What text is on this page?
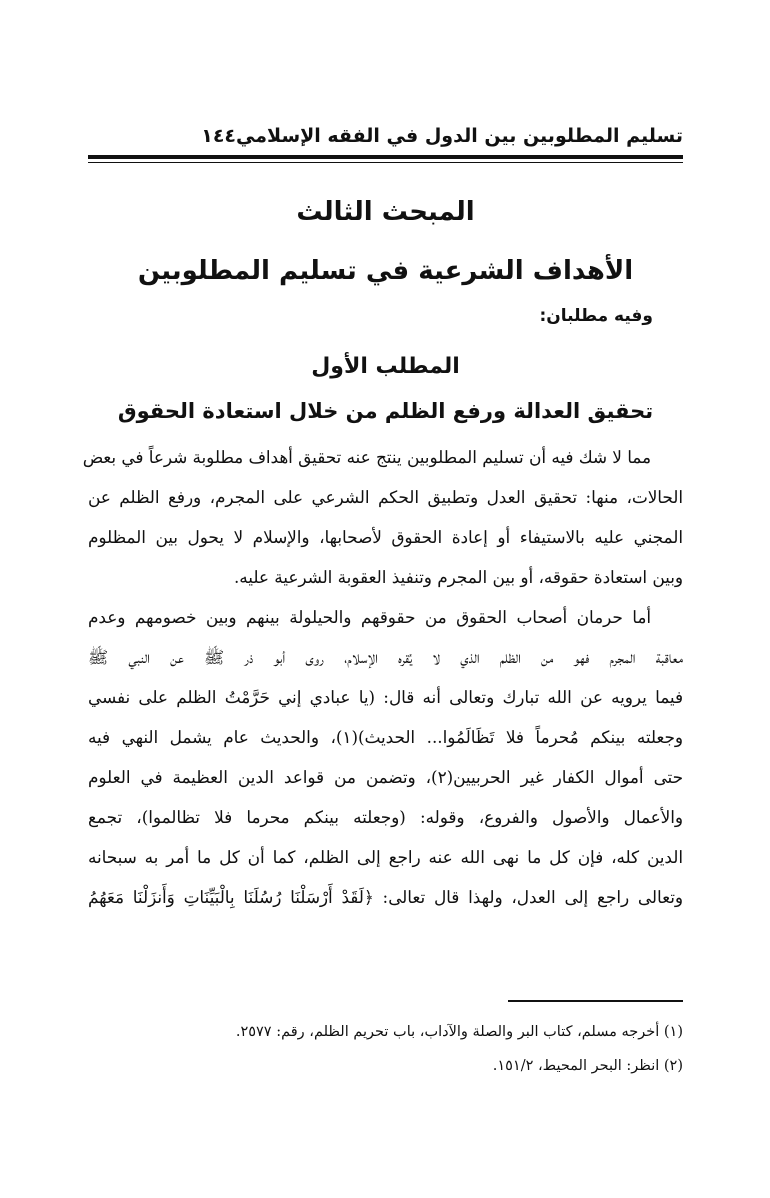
تسليم المطلوبين بين الدول في الفقه الإسلامي
١٤٤
المبحث الثالث
الأهداف الشرعية في تسليم المطلوبين
وفيه مطلبان:
المطلب الأول
تحقيق العدالة ورفع الظلم من خلال استعادة الحقوق
مما لا شك فيه أن تسليم المطلوبين ينتج عنه تحقيق أهداف مطلوبة شرعاً في بعض
الحالات، منها: تحقيق العدل وتطبيق الحكم الشرعي على المجرم، ورفع الظلم عن
المجني عليه بالاستيفاء أو إعادة الحقوق لأصحابها، والإسلام لا يحول بين المظلوم
وبين استعادة حقوقه، أو بين المجرم وتنفيذ العقوبة الشرعية عليه.
أما حرمان أصحاب الحقوق من حقوقهم والحيلولة بينهم وبين خصومهم وعدم
معاقبة المجرم فهو من الظلم الذي لا يُقره الإسلام، روى أبو ذر ﷺ عن النبي ﷺ
فيما يرويه عن الله تبارك وتعالى أنه قال: (يا عبادي إني حَرَّمْتُ الظلم على نفسي
وجعلته بينكم مُحرماً فلا تَظَالَمُوا... الحديث)(١)، والحديث عام يشمل النهي فيه
حتى أموال الكفار غير الحربيين(٢)، وتضمن من قواعد الدين العظيمة في العلوم
والأعمال والأصول والفروع، وقوله: (وجعلته بينكم محرما فلا تظالموا)، تجمع
الدين كله، فإن كل ما نهى الله عنه راجع إلى الظلم، كما أن كل ما أمر به سبحانه
وتعالى راجع إلى العدل، ولهذا قال تعالى: ﴿لَقَدْ أَرْسَلْنَا رُسُلَنَا بِالْبَيِّنَاتِ وَأَنزَلْنَا مَعَهُمُ
(١) أخرجه مسلم، كتاب البر والصلة والآداب، باب تحريم الظلم، رقم: ٢٥٧٧.
(٢) انظر: البحر المحيط، ١٥١/٢.
